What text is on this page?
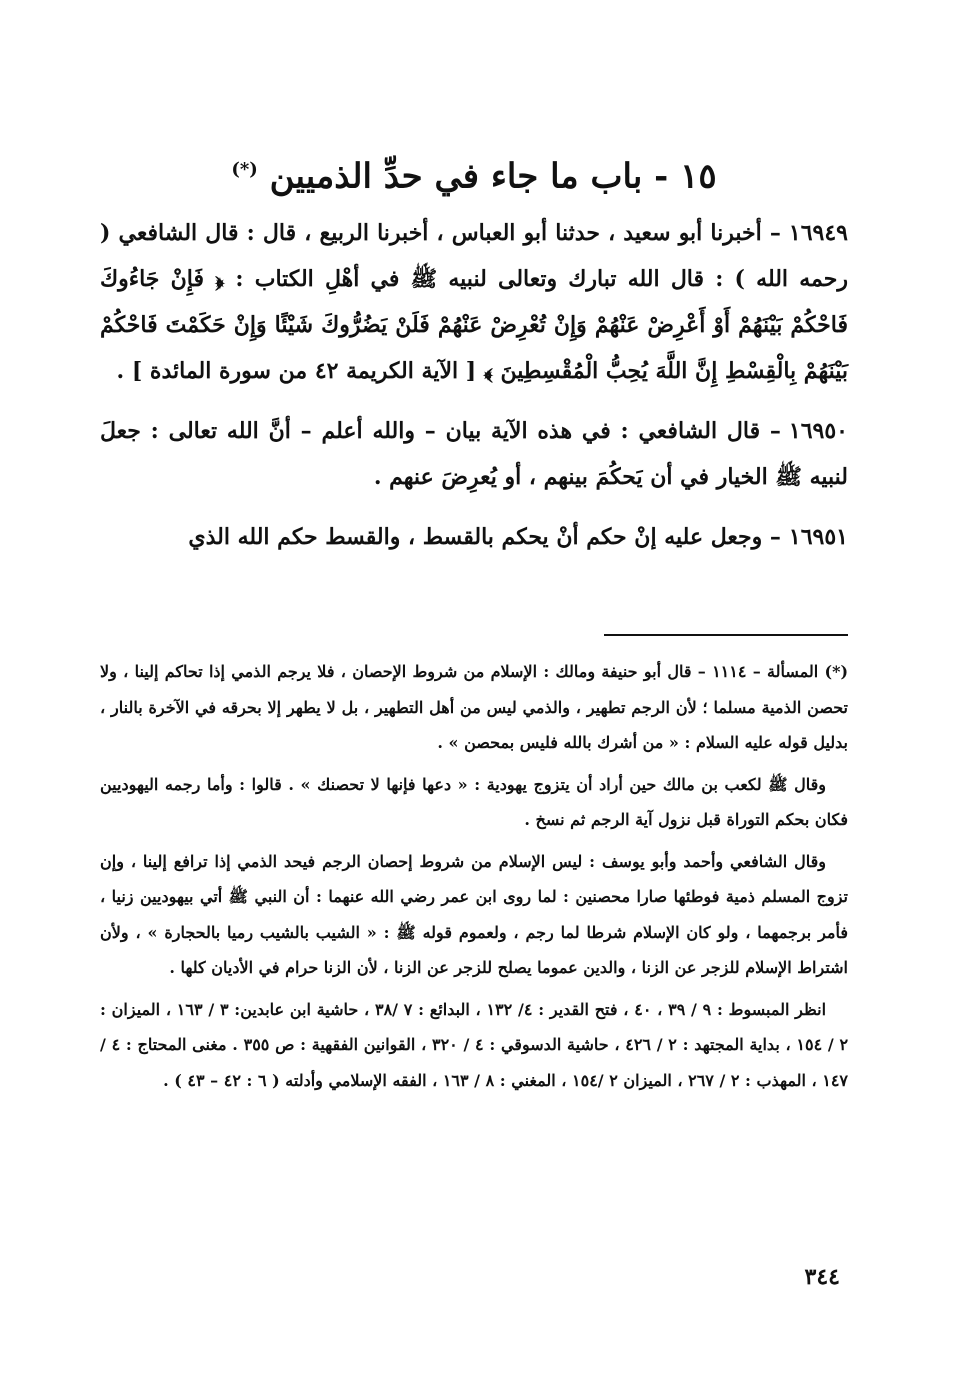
١٥ - باب ما جاء في حدِّ الذميين (*)

١٦٩٤٩– أخبرنا أبو سعيد ، حدثنا أبو العباس ، أخبرنا الربيع ، قال : قال الشافعي ( رحمه الله ) : قال الله تبارك وتعالى لنبيه ﷺ في أهْلِ الكتاب : ﴿ فَإِنْ جَاءُوكَ فَاحْكُمْ بَيْنَهُمْ أَوْ أَعْرِضْ عَنْهُمْ وَإِنْ تُعْرِضْ عَنْهُمْ فَلَنْ يَضُرُّوكَ شَيْئًا وَإِنْ حَكَمْتَ فَاحْكُمْ بَيْنَهُمْ بِالْقِسْطِ إِنَّ اللَّهَ يُحِبُّ الْمُقْسِطِينَ ﴾ [ الآية الكريمة ٤٢ من سورة المائدة ] .

١٦٩٥٠– قال الشافعي : في هذه الآية بيان – والله أعلم – أنَّ الله تعالى : جعلَ لنبيه ﷺ الخيار في أن يَحكُمَ بينهم ، أو يُعرِضَ عنهم .

١٦٩٥١– وجعل عليه إنْ حكم أنْ يحكم بالقسط ، والقسط حكم الله الذي

(*) المسألة – ١١١٤ – قال أبو حنيفة ومالك : الإسلام من شروط الإحصان ، فلا يرجم الذمي إذا تحاكم إلينا ، ولا تحصن الذمية مسلما ؛ لأن الرجم تطهير ، والذمي ليس من أهل التطهير ، بل لا يطهر إلا بحرقه في الآخرة بالنار ، بدليل قوله عليه السلام : « من أشرك بالله فليس بمحصن » .

وقال ﷺ لكعب بن مالك حين أراد أن يتزوج يهودية : « دعها فإنها لا تحصنك » . قالوا : وأما رجمه اليهوديين فكان بحكم التوراة قبل نزول آية الرجم ثم نسخ .

وقال الشافعي وأحمد وأبو يوسف : ليس الإسلام من شروط إحصان الرجم فيحد الذمي إذا ترافع إلينا ، وإن تزوج المسلم ذمية فوطئها صارا محصنين : لما روى ابن عمر رضي الله عنهما : أن النبي ﷺ أتي بيهوديين زنيا ، فأمر برجمهما ، ولو كان الإسلام شرطا لما رجم ، ولعموم قوله ﷺ : « الشيب بالشيب رميا بالحجارة » ، ولأن اشتراط الإسلام للزجر عن الزنا ، والدين عموما يصلح للزجر عن الزنا ، لأن الزنا حرام في الأديان كلها .

انظر المبسوط : ٩ / ٣٩ ، ٤٠ ، فتح القدير : ٤/ ١٣٢ ، البدائع : ٧ /٣٨ ، حاشية ابن عابدين: ٣ / ١٦٣ ، الميزان : ٢ / ١٥٤ ، بداية المجتهد : ٢ / ٤٢٦ ، حاشية الدسوقي : ٤ / ٣٢٠ ، القوانين الفقهية : ص ٣٥٥ . مغنى المحتاج : ٤ / ١٤٧ ، المهذب : ٢ / ٢٦٧ ، الميزان ٢ /١٥٤ ، المغني : ٨ / ١٦٣ ، الفقه الإسلامي وأدلته ( ٦ : ٤٢ – ٤٣ ) .

٣٤٤
